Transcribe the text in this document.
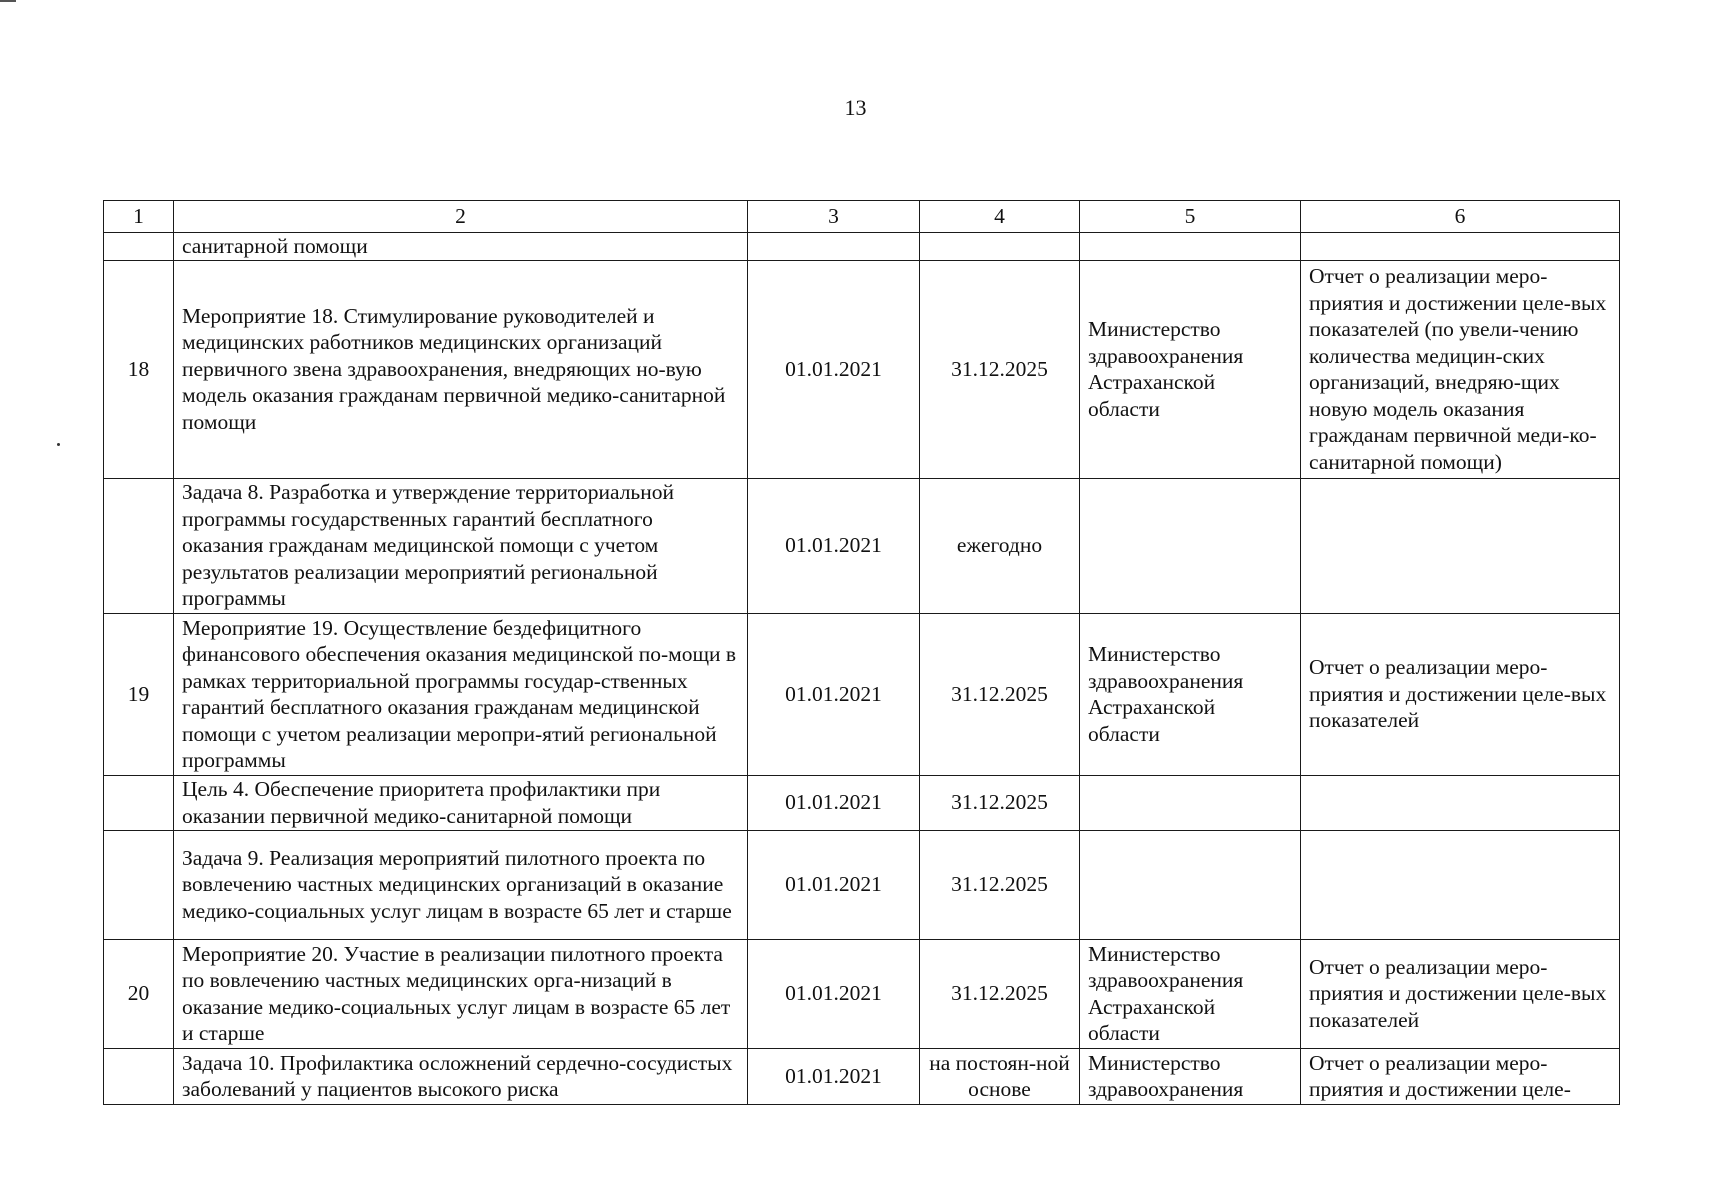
13
1	2	3	4	5	6
	санитарной помощи				
18	Мероприятие 18. Стимулирование руководителей и медицинских работников медицинских организаций первичного звена здравоохранения, внедряющих но-вую модель оказания гражданам первичной медико-санитарной помощи	01.01.2021	31.12.2025	Министерство здравоохранения Астраханской области	Отчет о реализации меро-приятия и достижении целе-вых показателей (по увели-чению количества медицин-ских организаций, внедряю-щих новую модель оказания гражданам первичной меди-ко-санитарной помощи)
	Задача 8. Разработка и утверждение территориальной программы государственных гарантий бесплатного оказания гражданам медицинской помощи с учетом результатов реализации мероприятий региональной программы	01.01.2021	ежегодно		
19	Мероприятие 19. Осуществление бездефицитного финансового обеспечения оказания медицинской по-мощи в рамках территориальной программы государ-ственных гарантий бесплатного оказания гражданам медицинской помощи с учетом реализации меропри-ятий региональной программы	01.01.2021	31.12.2025	Министерство здравоохранения Астраханской области	Отчет о реализации меро-приятия и достижении целе-вых показателей
	Цель 4. Обеспечение приоритета профилактики при оказании первичной медико-санитарной помощи	01.01.2021	31.12.2025		
	Задача 9. Реализация мероприятий пилотного проекта по вовлечению частных медицинских организаций в оказание медико-социальных услуг лицам в возрасте 65 лет и старше	01.01.2021	31.12.2025		
20	Мероприятие 20. Участие в реализации пилотного проекта по вовлечению частных медицинских орга-низаций в оказание медико-социальных услуг лицам в возрасте 65 лет и старше	01.01.2021	31.12.2025	Министерство здравоохранения Астраханской области	Отчет о реализации меро-приятия и достижении целе-вых показателей
	Задача 10. Профилактика осложнений сердечно-сосудистых заболеваний у пациентов высокого риска	01.01.2021	на постоян-ной основе	Министерство здравоохранения	Отчет о реализации меро-приятия и достижении целе-
